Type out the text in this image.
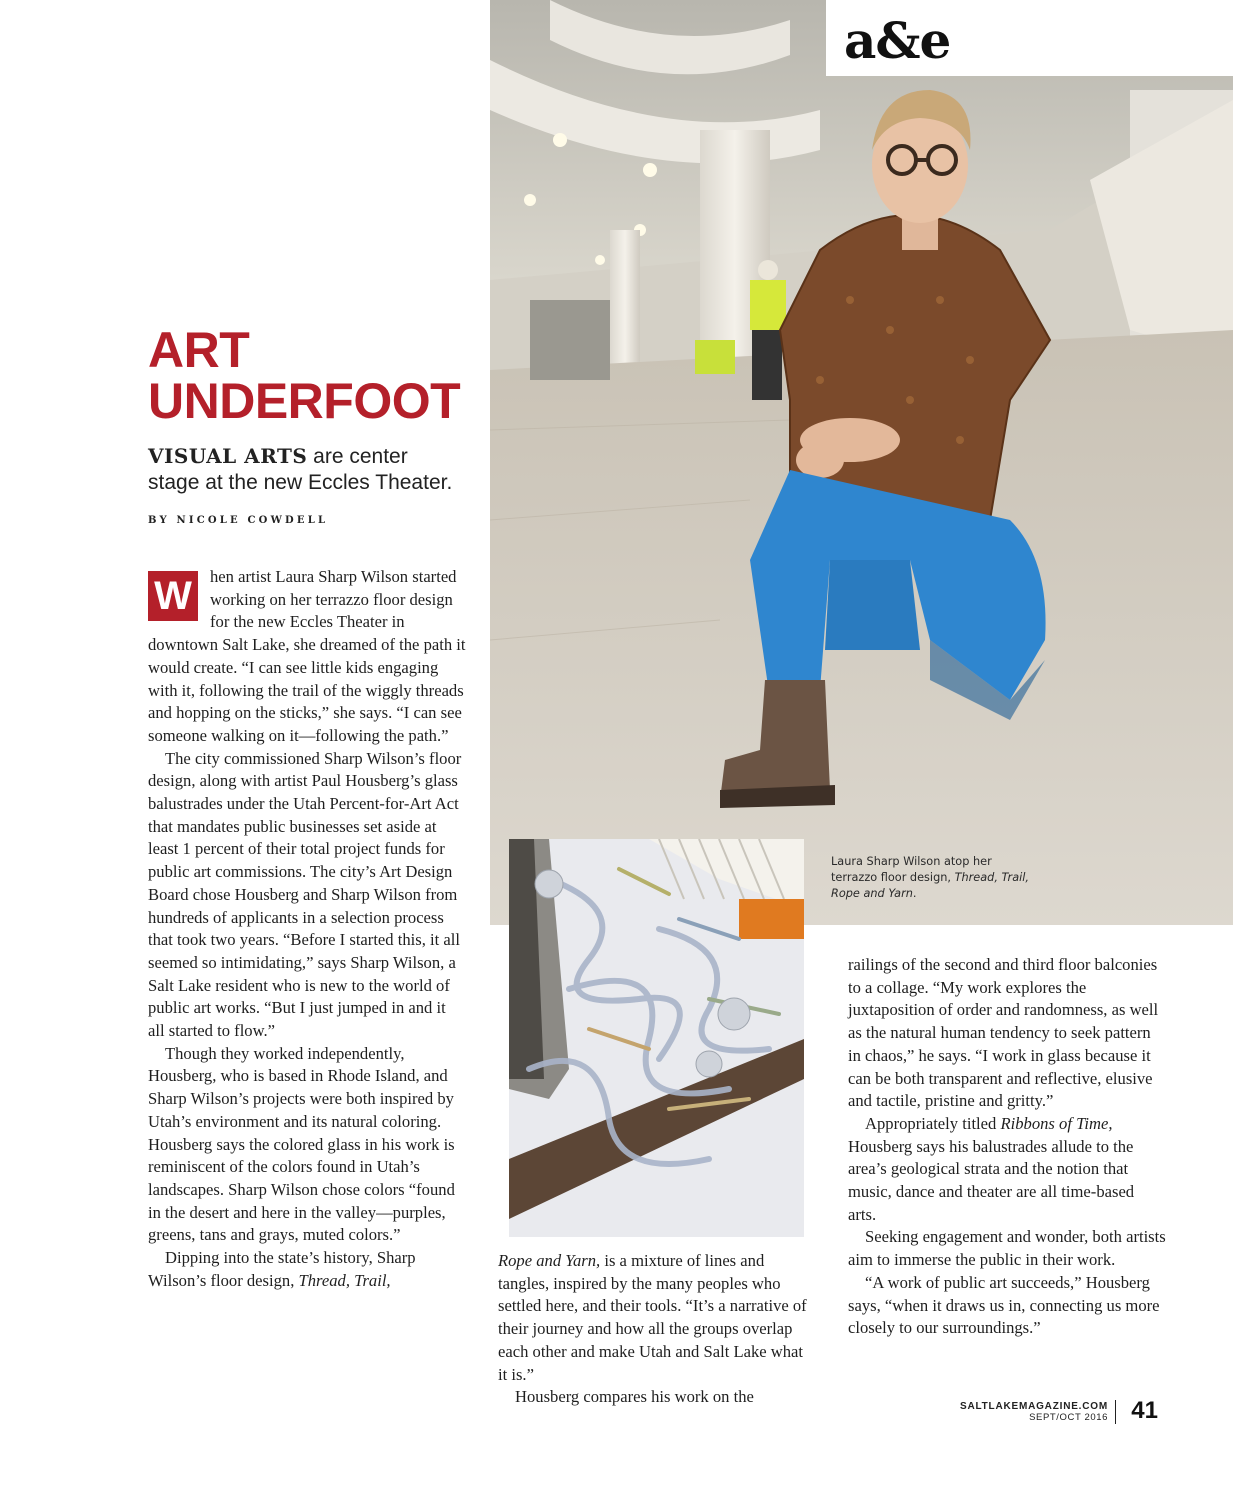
a&e
ART
UNDERFOOT
VISUAL ARTS are center
stage at the new Eccles Theater.
BY NICOLE COWDELL

W	hen artist Laura Sharp Wilson started working on her terrazzo floor design for the new Eccles Theater in downtown Salt Lake, she dreamed of the path it would create. “I can see little kids engaging with it, following the trail of the wiggly threads and hopping on the sticks,” she says. “I can see someone walking on it—following the path.”

The city commissioned Sharp Wilson’s floor design, along with artist Paul Housberg’s glass balustrades under the Utah Percent-for-Art Act that mandates public businesses set aside at least 1 percent of their total project funds for public art commissions. The city’s Art Design Board chose Housberg and Sharp Wilson from hundreds of applicants in a selection process that took two years. “Before I started this, it all seemed so intimidating,” says Sharp Wilson, a Salt Lake resident who is new to the world of public art works. “But I just jumped in and it all started to flow.”

Though they worked independently, Housberg, who is based in Rhode Island, and Sharp Wilson’s projects were both inspired by Utah’s environment and its natural coloring. Housberg says the colored glass in his work is reminiscent of the colors found in Utah’s landscapes. Sharp Wilson chose colors “found in the desert and here in the valley—purples, greens, tans and grays, muted colors.”

Dipping into the state’s history, Sharp Wilson’s floor design, Thread, Trail,

Laura Sharp Wilson atop her terrazzo floor design, Thread, Trail, Rope and Yarn.

Rope and Yarn, is a mixture of lines and tangles, inspired by the many peoples who settled here, and their tools. “It’s a narrative of their journey and how all the groups overlap each other and make Utah and Salt Lake what it is.”

Housberg compares his work on the

railings of the second and third floor balconies to a collage. “My work explores the juxtaposition of order and randomness, as well as the natural human tendency to seek pattern in chaos,” he says. “I work in glass because it can be both transparent and reflective, elusive and tactile, pristine and gritty.”

Appropriately titled Ribbons of Time, Housberg says his balustrades allude to the area’s geological strata and the notion that music, dance and theater are all time-based arts.

Seeking engagement and wonder, both artists aim to immerse the public in their work.

“A work of public art succeeds,” Housberg says, “when it draws us in, connecting us more closely to our surroundings.”

SALTLAKEMAGAZINE.COM
SEPT/OCT 2016 41
